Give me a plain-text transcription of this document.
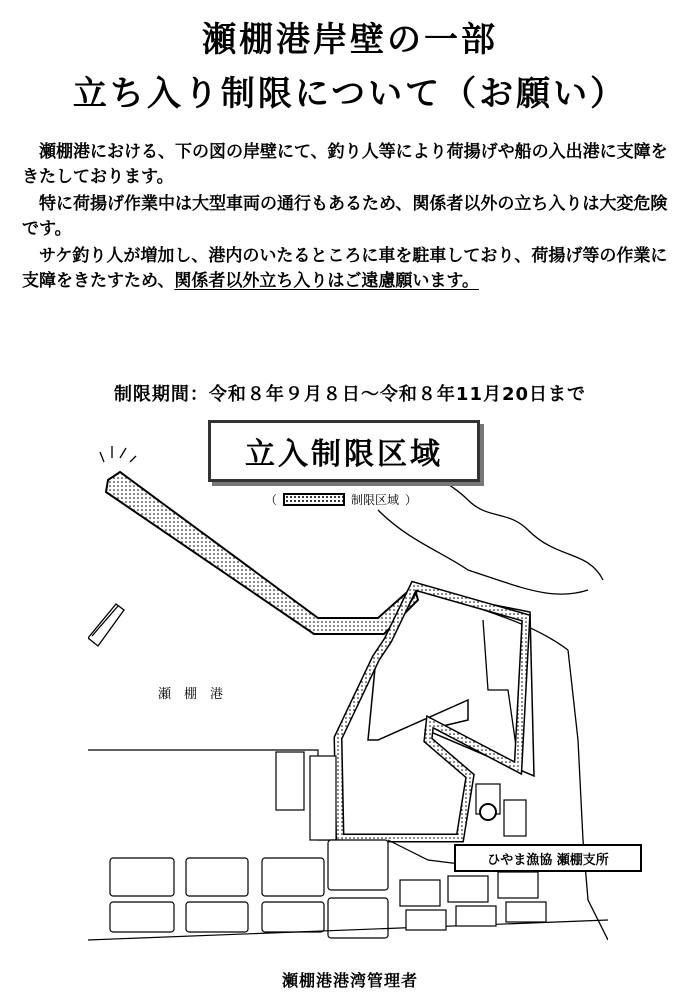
瀬棚港岸壁の一部
立ち入り制限について（お願い）

瀬棚港における、下の図の岸壁にて、釣り人等により荷揚げや船の入出港に支障をきたしております。

特に荷揚げ作業中は大型車両の通行もあるため、関係者以外の立ち入りは大変危険です。

サケ釣り人が増加し、港内のいたるところに車を駐車しており、荷揚げ等の作業に支障をきたすため、関係者以外立ち入りはご遠慮願います。

制限期間：令和８年９月８日～令和８年11月20日まで

瀬　棚　港
立入制限区域
（	制限区域 ）
ひやま漁協 瀬棚支所

瀬棚港港湾管理者
